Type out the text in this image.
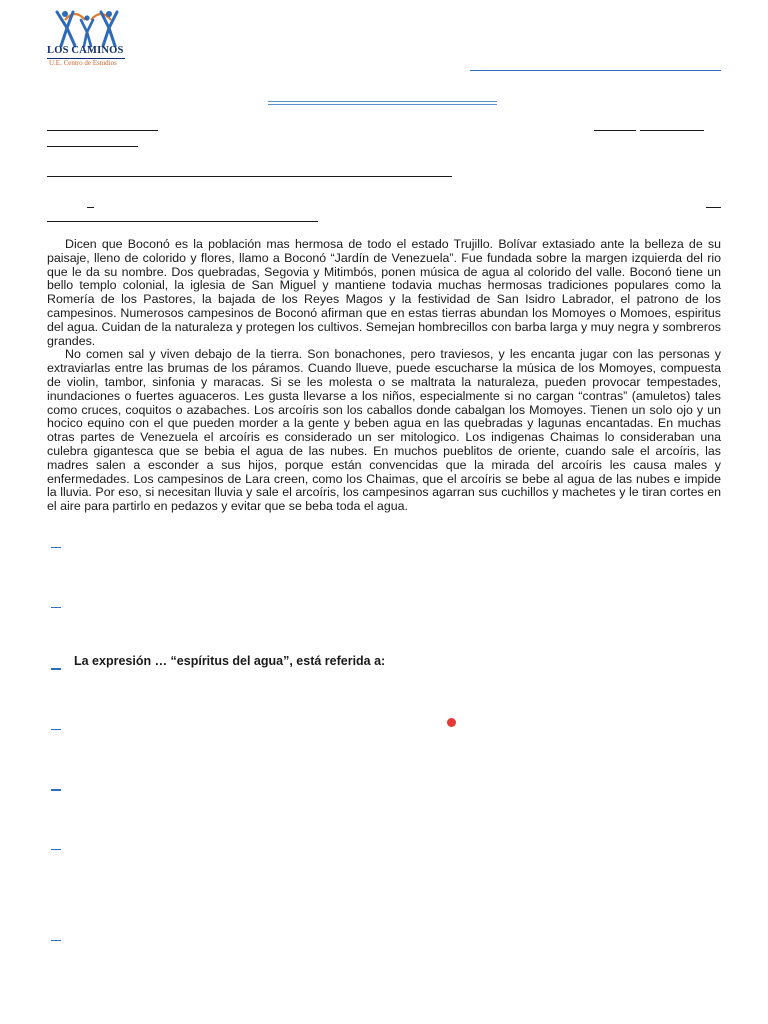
LOS CAMINOS
U.E. Centro de Estudios

Dicen que Boconó es la población mas hermosa de todo el estado Trujillo. Bolívar extasiado ante la belleza de su paisaje, lleno de colorido y flores, llamo a Boconó “Jardín de Venezuela”. Fue fundada sobre la margen izquierda del rio que le da su nombre. Dos quebradas, Segovia y Mitimbós, ponen música de agua al colorido del valle. Boconó tiene un bello templo colonial, la iglesia de San Miguel y mantiene todavia muchas hermosas tradiciones populares como la Romería de los Pastores, la bajada de los Reyes Magos y la festividad de San Isidro Labrador, el patrono de los campesinos. Numerosos campesinos de Boconó afirman que en estas tierras abundan los Momoyes o Momoes, espiritus del agua. Cuidan de la naturaleza y protegen los cultivos. Semejan hombrecillos con barba larga y muy negra y sombreros grandes.

No comen sal y viven debajo de la tierra. Son bonachones, pero traviesos, y les encanta jugar con las personas y extraviarlas entre las brumas de los páramos. Cuando llueve, puede escucharse la música de los Momoyes, compuesta de violin, tambor, sinfonia y maracas. Si se les molesta o se maltrata la naturaleza, pueden provocar tempestades, inundaciones o fuertes aguaceros. Les gusta llevarse a los niños, especialmente si no cargan “contras” (amuletos) tales como cruces, coquitos o azabaches. Los arcoíris son los caballos donde cabalgan los Momoyes. Tienen un solo ojo y un hocico equino con el que pueden morder a la gente y beben agua en las quebradas y lagunas encantadas. En muchas otras partes de Venezuela el arcoíris es considerado un ser mitologico. Los indigenas Chaimas lo consideraban una culebra gigantesca que se bebia el agua de las nubes. En muchos pueblitos de oriente, cuando sale el arcoíris, las madres salen a esconder a sus hijos, porque están convencidas que la mirada del arcoíris les causa males y enfermedades. Los campesinos de Lara creen, como los Chaimas, que el arcoíris se bebe al agua de las nubes e impide la lluvia. Por eso, si necesitan lluvia y sale el arcoíris, los campesinos agarran sus cuchillos y machetes y le tiran cortes en el aire para partirlo en pedazos y evitar que se beba toda el agua.

La expresión … “espíritus del agua”, está referida a:
